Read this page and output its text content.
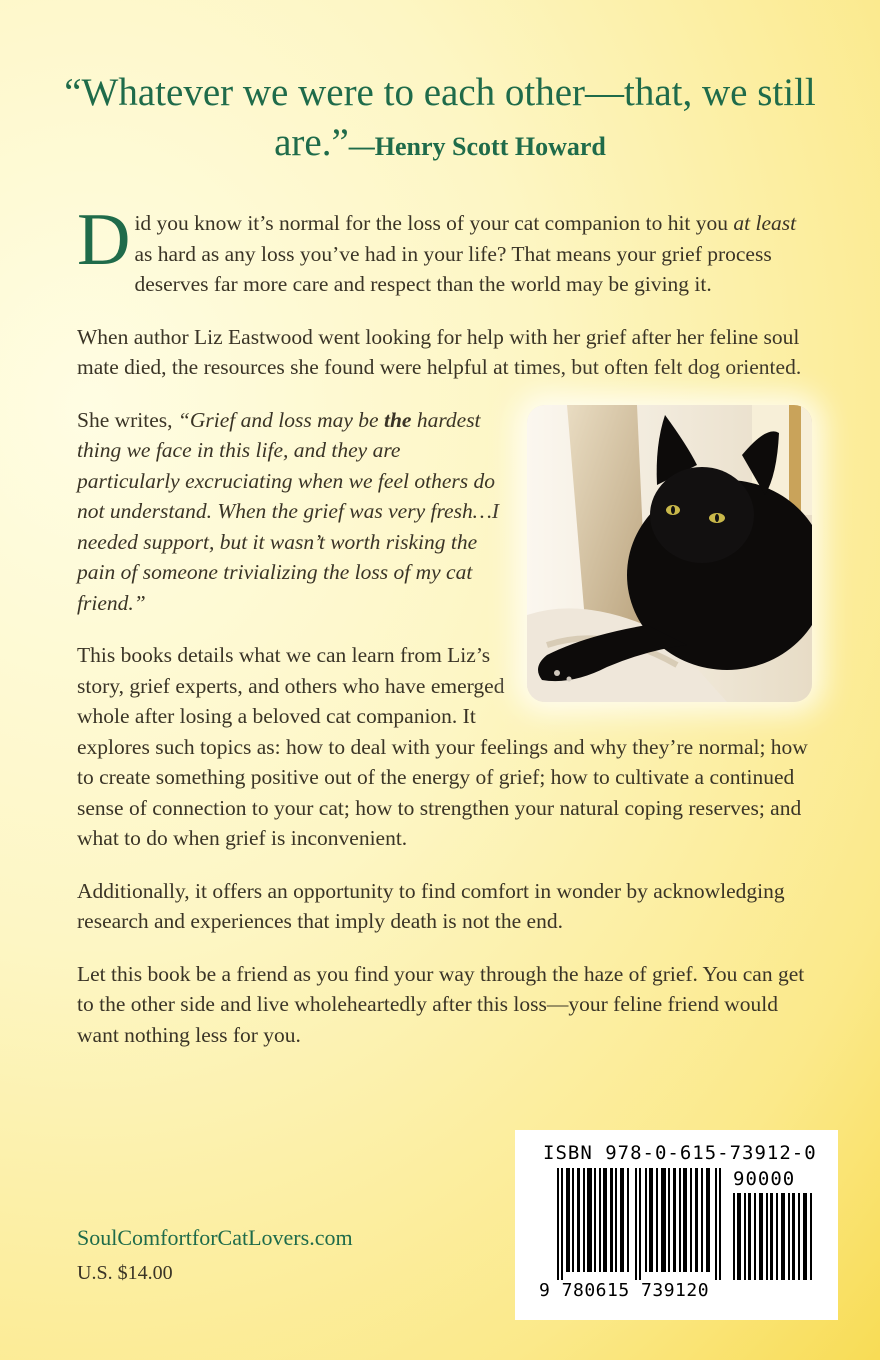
“Whatever we were to each other—that, we still are.”—Henry Scott Howard

Did you know it’s normal for the loss of your cat companion to hit you at least as hard as any loss you’ve had in your life? That means your grief process deserves far more care and respect than the world may be giving it.

When author Liz Eastwood went looking for help with her grief after her feline soul mate died, the resources she found were helpful at times, but often felt dog oriented.

She writes, “Grief and loss may be the hardest thing we face in this life, and they are particularly excruciating when we feel others do not understand. When the grief was very fresh…I needed support, but it wasn’t worth risking the pain of someone trivializing the loss of my cat friend.”

This books details what we can learn from Liz’s story, grief experts, and others who have emerged whole after losing a beloved cat companion. It explores such topics as: how to deal with your feelings and why they’re normal; how to create something positive out of the energy of grief; how to cultivate a continued sense of connection to your cat; how to strengthen your natural coping reserves; and what to do when grief is inconvenient.

Additionally, it offers an opportunity to find comfort in wonder by acknowledging research and experiences that imply death is not the end.

Let this book be a friend as you find your way through the haze of grief. You can get to the other side and live wholeheartedly after this loss—your feline friend would want nothing less for you.

ISBN 978-0-615-73912-0
90000
9 780615 739120
SoulComfortforCatLovers.com
U.S. $14.00
